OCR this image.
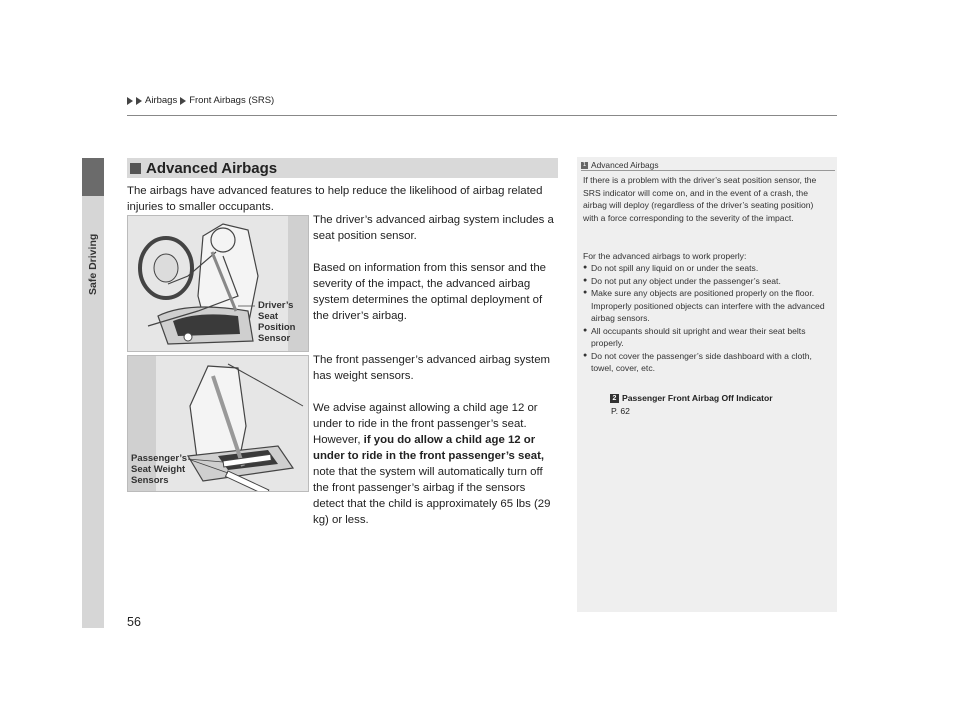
Safe Driving
Airbags Front Airbags (SRS)
Advanced Airbags
The airbags have advanced features to help reduce the likelihood of airbag related injuries to smaller occupants.
Driver’s
Seat
Position
Sensor
Passenger’s
Seat Weight
Sensors
The driver’s advanced airbag system includes a seat position sensor.
Based on information from this sensor and the severity of the impact, the advanced airbag system determines the optimal deployment of the driver’s airbag.
The front passenger’s advanced airbag system has weight sensors.
We advise against allowing a child age 12 or under to ride in the front passenger’s seat. However, if you do allow a child age 12 or under to ride in the front passenger’s seat, note that the system will automatically turn off the front passenger’s airbag if the sensors detect that the child is approximately 65 lbs (29 kg) or less.
1 Advanced Airbags
If there is a problem with the driver’s seat position sensor, the SRS indicator will come on, and in the event of a crash, the airbag will deploy (regardless of the driver’s seating position) with a force corresponding to the severity of the impact.
For the advanced airbags to work properly:
● Do not spill any liquid on or under the seats.
● Do not put any object under the passenger’s seat.
● Make sure any objects are positioned properly on the floor. Improperly positioned objects can interfere with the advanced airbag sensors.
● All occupants should sit upright and wear their seat belts properly.
● Do not cover the passenger’s side dashboard with a cloth, towel, cover, etc.
2 Passenger Front Airbag Off Indicator
P. 62
56
